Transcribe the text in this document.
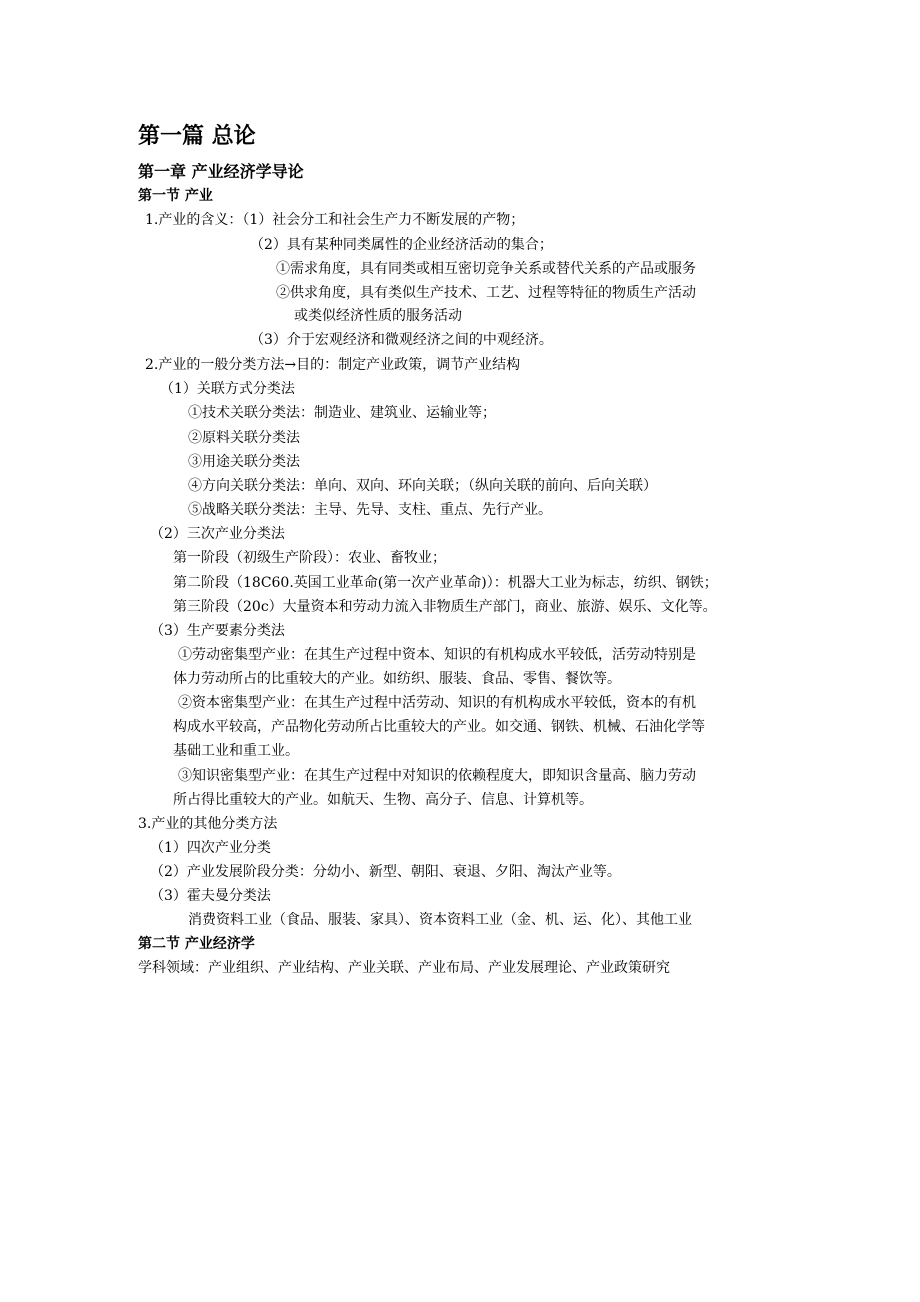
第一篇 总论
第一章 产业经济学导论
第一节 产业
1.产业的含义：（1）社会分工和社会生产力不断发展的产物；
（2）具有某种同类属性的企业经济活动的集合；
①需求角度，具有同类或相互密切竞争关系或替代关系的产品或服务
②供求角度，具有类似生产技术、工艺、过程等特征的物质生产活动
或类似经济性质的服务活动
（3）介于宏观经济和微观经济之间的中观经济。
2.产业的一般分类方法→目的：制定产业政策，调节产业结构
（1）关联方式分类法
①技术关联分类法：制造业、建筑业、运输业等；
②原料关联分类法
③用途关联分类法
④方向关联分类法：单向、双向、环向关联；（纵向关联的前向、后向关联）
⑤战略关联分类法：主导、先导、支柱、重点、先行产业。
（2）三次产业分类法
第一阶段（初级生产阶段）：农业、畜牧业；
第二阶段（18C60.英国工业革命(第一次产业革命)）：机器大工业为标志，纺织、钢铁；
第三阶段（20c）大量资本和劳动力流入非物质生产部门，商业、旅游、娱乐、文化等。
（3）生产要素分类法
①劳动密集型产业：在其生产过程中资本、知识的有机构成水平较低，活劳动特别是
体力劳动所占的比重较大的产业。如纺织、服装、食品、零售、餐饮等。
②资本密集型产业：在其生产过程中活劳动、知识的有机构成水平较低，资本的有机
构成水平较高，产品物化劳动所占比重较大的产业。如交通、钢铁、机械、石油化学等
基础工业和重工业。
③知识密集型产业：在其生产过程中对知识的依赖程度大，即知识含量高、脑力劳动
所占得比重较大的产业。如航天、生物、高分子、信息、计算机等。
3.产业的其他分类方法
（1）四次产业分类
（2）产业发展阶段分类：分幼小、新型、朝阳、衰退、夕阳、淘汰产业等。
（3）霍夫曼分类法
消费资料工业（食品、服装、家具）、资本资料工业（金、机、运、化）、其他工业
第二节 产业经济学
学科领域：产业组织、产业结构、产业关联、产业布局、产业发展理论、产业政策研究
